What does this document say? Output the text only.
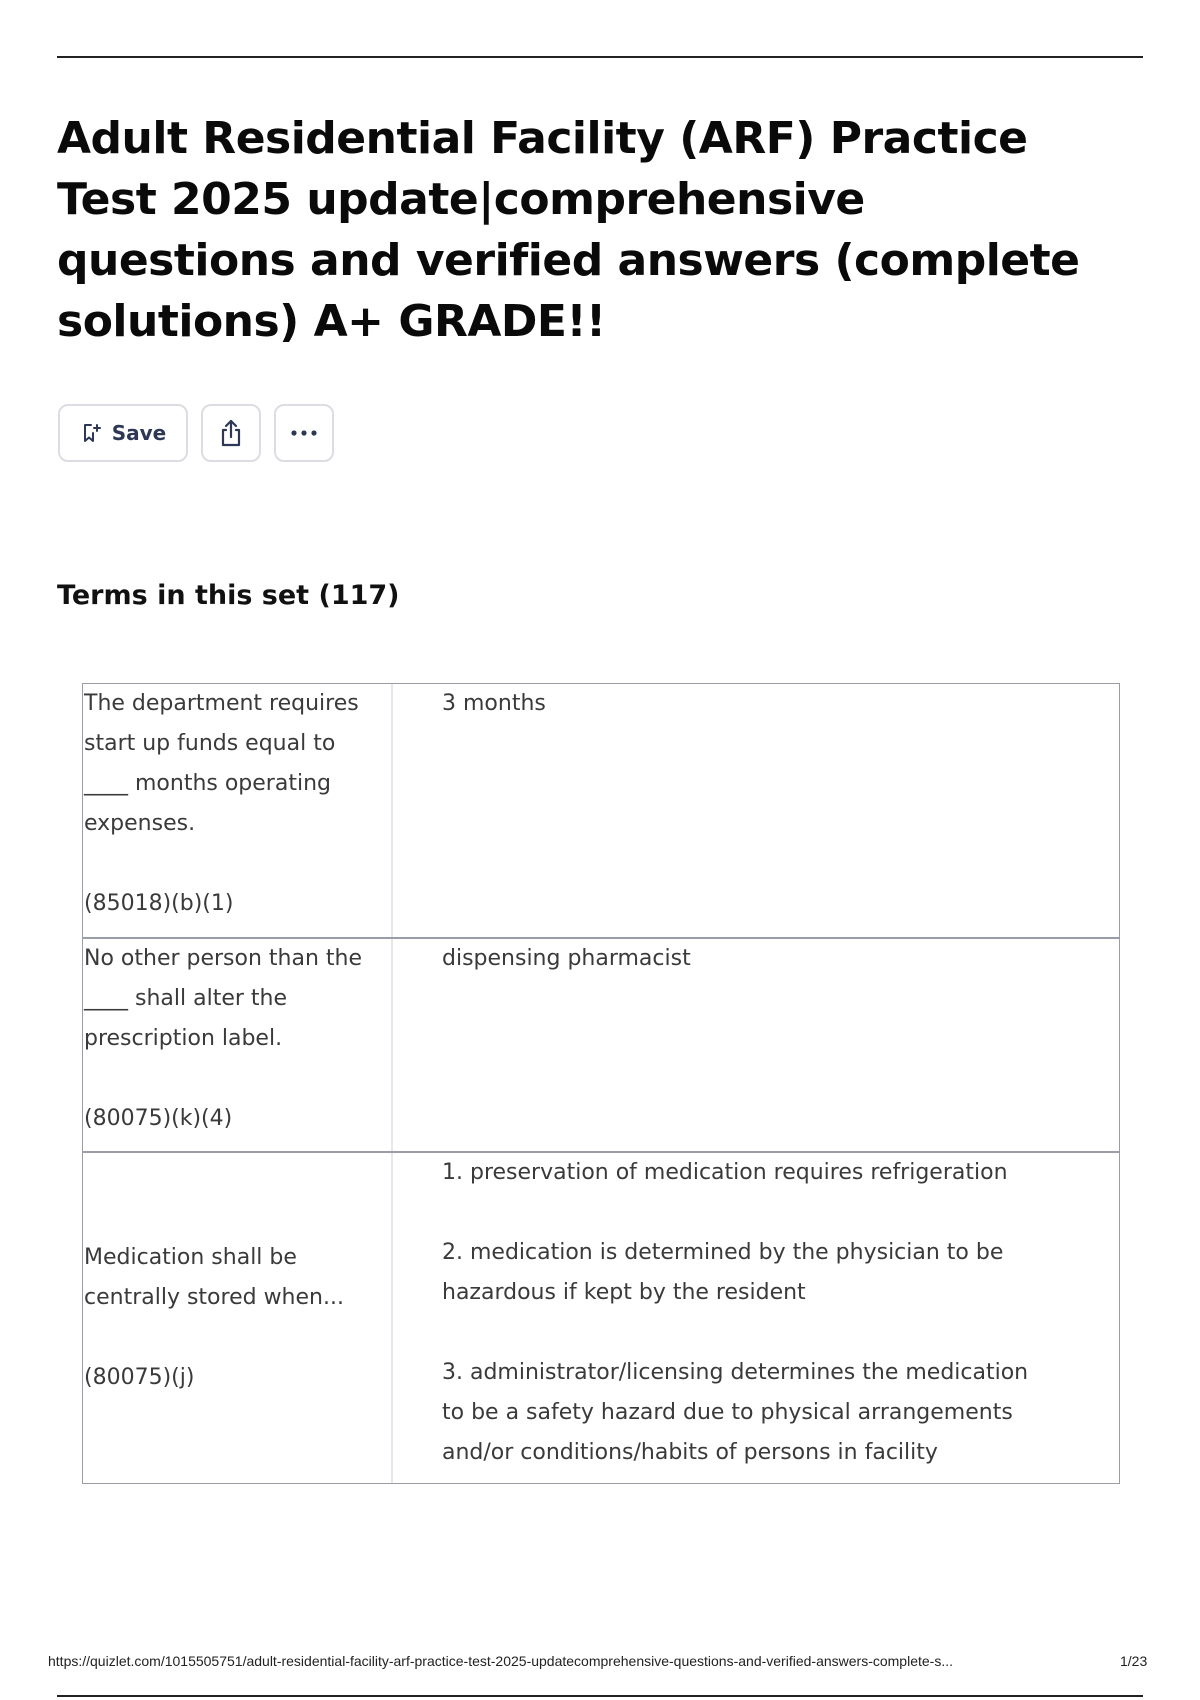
Adult Residential Facility (ARF) Practice Test 2025 update|comprehensive questions and verified answers (complete solutions) A+ GRADE!!
Save
Terms in this set (117)
The department requires
start up funds equal to
____ months operating
expenses.

(85018)(b)(1)
3 months
No other person than the
____ shall alter the
prescription label.

(80075)(k)(4)
dispensing pharmacist
Medication shall be
centrally stored when...

(80075)(j)
1. preservation of medication requires refrigeration

2. medication is determined by the physician to be
hazardous if kept by the resident

3. administrator/licensing determines the medication
to be a safety hazard due to physical arrangements
and/or conditions/habits of persons in facility
https://quizlet.com/1015505751/adult-residential-facility-arf-practice-test-2025-updatecomprehensive-questions-and-verified-answers-complete-s...	1/23
